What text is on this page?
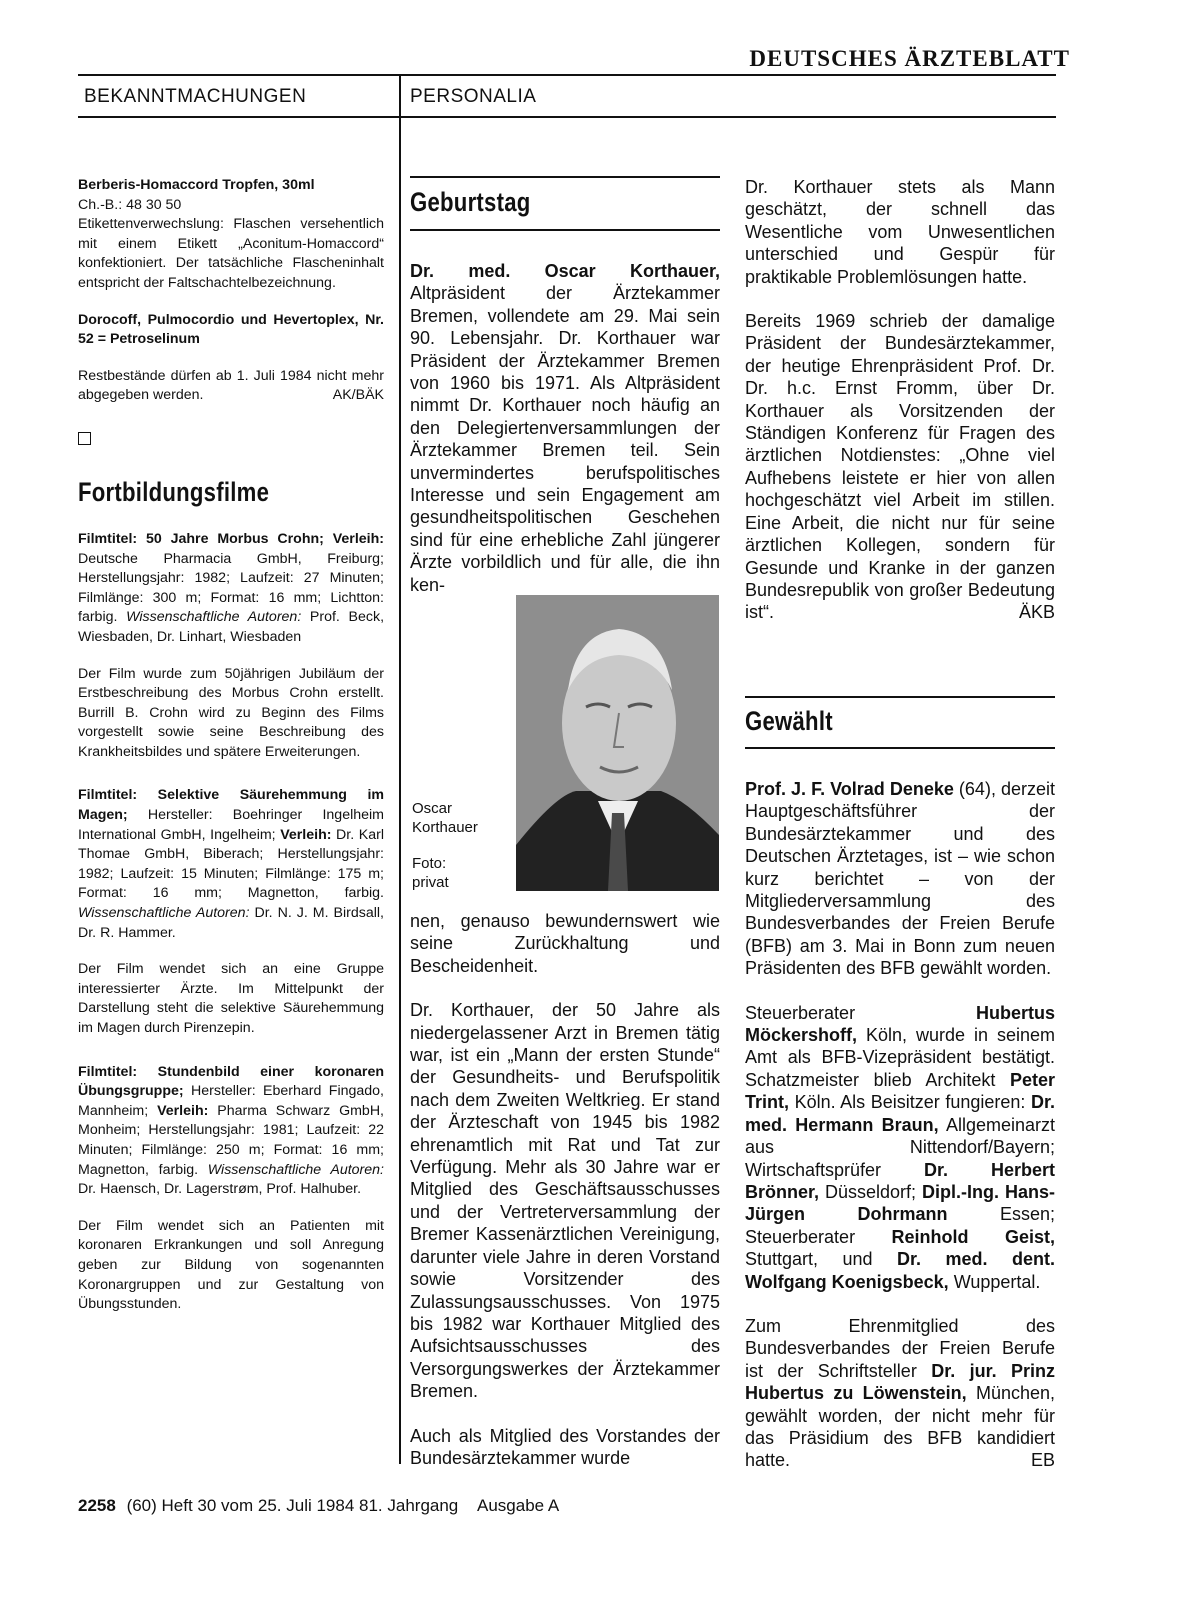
DEUTSCHES ÄRZTEBLATT
BEKANNTMACHUNGEN	PERSONALIA

Berberis-Homaccord Tropfen, 30ml

Ch.-B.: 48 30 50

Etikettenverwechslung: Flaschen versehentlich mit einem Etikett „Aconitum-Homaccord“ konfektioniert. Der tatsächliche Flascheninhalt entspricht der Faltschachtelbezeichnung.

Dorocoff, Pulmocordio und Hevertoplex, Nr. 52 = Petroselinum

Restbestände dürfen ab 1. Juli 1984 nicht mehr abgegeben werden.	AK/BÄK

Fortbildungsfilme

Filmtitel: 50 Jahre Morbus Crohn; Verleih: Deutsche Pharmacia GmbH, Freiburg; Herstellungsjahr: 1982; Laufzeit: 27 Minuten; Filmlänge: 300 m; Format: 16 mm; Lichtton: farbig. Wissenschaftliche Autoren: Prof. Beck, Wiesbaden, Dr. Linhart, Wiesbaden

Der Film wurde zum 50jährigen Jubiläum der Erstbeschreibung des Morbus Crohn erstellt. Burrill B. Crohn wird zu Beginn des Films vorgestellt sowie seine Beschreibung des Krankheitsbildes und spätere Erweiterungen.

Filmtitel: Selektive Säurehemmung im Magen; Hersteller: Boehringer Ingelheim International GmbH, Ingelheim; Verleih: Dr. Karl Thomae GmbH, Biberach; Herstellungsjahr: 1982; Laufzeit: 15 Minuten; Filmlänge: 175 m; Format: 16 mm; Magnetton, farbig. Wissenschaftliche Autoren: Dr. N. J. M. Birdsall, Dr. R. Hammer.

Der Film wendet sich an eine Gruppe interessierter Ärzte. Im Mittelpunkt der Darstellung steht die selektive Säurehemmung im Magen durch Pirenzepin.

Filmtitel: Stundenbild einer koronaren Übungsgruppe; Hersteller: Eberhard Fingado, Mannheim; Verleih: Pharma Schwarz GmbH, Monheim; Herstellungsjahr: 1981; Laufzeit: 22 Minuten; Filmlänge: 250 m; Format: 16 mm; Magnetton, farbig. Wissenschaftliche Autoren: Dr. Haensch, Dr. Lagerstrøm, Prof. Halhuber.

Der Film wendet sich an Patienten mit koronaren Erkrankungen und soll Anregung geben zur Bildung von sogenannten Koronargruppen und zur Gestaltung von Übungsstunden.

Geburtstag

Dr. med. Oscar Korthauer, Altpräsident der Ärztekammer Bremen, vollendete am 29. Mai sein 90. Lebensjahr. Dr. Korthauer war Präsident der Ärztekammer Bremen von 1960 bis 1971. Als Altpräsident nimmt Dr. Korthauer noch häufig an den Delegiertenversammlungen der Ärztekammer Bremen teil. Sein unvermindertes berufspolitisches Interesse und sein Engagement am gesundheitspolitischen Geschehen sind für eine erhebliche Zahl jüngerer Ärzte vorbildlich und für alle, die ihn ken-

Oscar Korthauer
Foto: privat

nen, genauso bewundernswert wie seine Zurückhaltung und Bescheidenheit.

Dr. Korthauer, der 50 Jahre als niedergelassener Arzt in Bremen tätig war, ist ein „Mann der ersten Stunde“ der Gesundheits- und Berufspolitik nach dem Zweiten Weltkrieg. Er stand der Ärzteschaft von 1945 bis 1982 ehrenamtlich mit Rat und Tat zur Verfügung. Mehr als 30 Jahre war er Mitglied des Geschäftsausschusses und der Vertreterversammlung der Bremer Kassenärztlichen Vereinigung, darunter viele Jahre in deren Vorstand sowie Vorsitzender des Zulassungsausschusses. Von 1975 bis 1982 war Korthauer Mitglied des Aufsichtsausschusses des Versorgungswerkes der Ärztekammer Bremen.

Auch als Mitglied des Vorstandes der Bundesärztekammer wurde

Dr. Korthauer stets als Mann geschätzt, der schnell das Wesentliche vom Unwesentlichen unterschied und Gespür für praktikable Problemlösungen hatte.

Bereits 1969 schrieb der damalige Präsident der Bundesärztekammer, der heutige Ehrenpräsident Prof. Dr. Dr. h.c. Ernst Fromm, über Dr. Korthauer als Vorsitzenden der Ständigen Konferenz für Fragen des ärztlichen Notdienstes: „Ohne viel Aufhebens leistete er hier von allen hochgeschätzt viel Arbeit im stillen. Eine Arbeit, die nicht nur für seine ärztlichen Kollegen, sondern für Gesunde und Kranke in der ganzen Bundesrepublik von großer Bedeutung ist“.	ÄKB

Gewählt

Prof. J. F. Volrad Deneke (64), derzeit Hauptgeschäftsführer der Bundesärztekammer und des Deutschen Ärztetages, ist – wie schon kurz berichtet – von der Mitgliederversammlung des Bundesverbandes der Freien Berufe (BFB) am 3. Mai in Bonn zum neuen Präsidenten des BFB gewählt worden.

Steuerberater Hubertus Möckershoff, Köln, wurde in seinem Amt als BFB-Vizepräsident bestätigt. Schatzmeister blieb Architekt Peter Trint, Köln. Als Beisitzer fungieren: Dr. med. Hermann Braun, Allgemeinarzt aus Nittendorf/Bayern; Wirtschaftsprüfer Dr. Herbert Brönner, Düsseldorf; Dipl.-Ing. Hans-Jürgen Dohrmann Essen; Steuerberater Reinhold Geist, Stuttgart, und Dr. med. dent. Wolfgang Koenigsbeck, Wuppertal.

Zum Ehrenmitglied des Bundesverbandes der Freien Berufe ist der Schriftsteller Dr. jur. Prinz Hubertus zu Löwenstein, München, gewählt worden, der nicht mehr für das Präsidium des BFB kandidiert hatte.	EB

2258 (60) Heft 30 vom 25. Juli 1984 81. Jahrgang Ausgabe A
